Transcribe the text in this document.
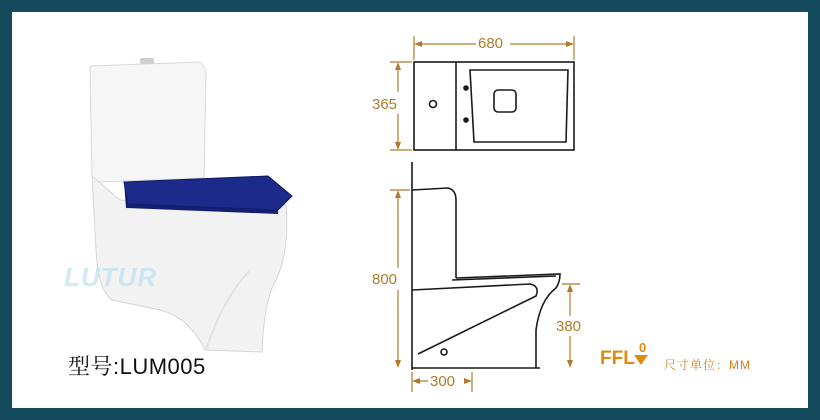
LUTUR
型号:LUM005
680
365
800
380
300
FFL
0
尺寸单位：MM
